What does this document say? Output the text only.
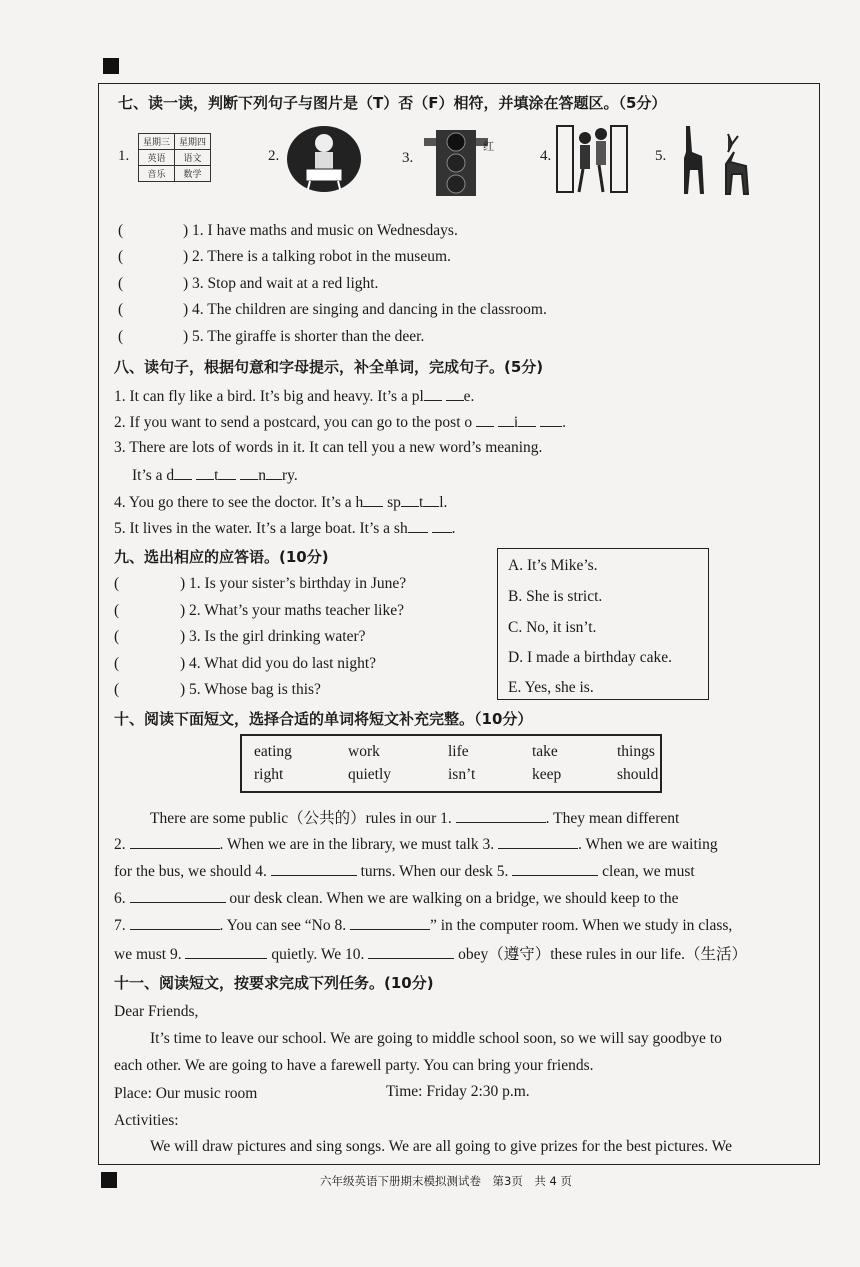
七、读一读，判断下列句子与图片是（T）否（F）相符，并填涂在答题区。（5分）
1.
星期三	星期四
英语	语文
音乐	数学
2.	3.
红
4.	5.
(	) 1. I have maths and music on Wednesdays.
(	) 2. There is a talking robot in the museum.
(	) 3. Stop and wait at a red light.
(	) 4. The children are singing and dancing in the classroom.
(	) 5. The giraffe is shorter than the deer.
八、读句子，根据句意和字母提示，补全单词，完成句子。(5分)
1. It can fly like a bird. It’s big and heavy. It’s a pl	e.
2. If you want to send a postcard, you can go to the post o	i	.
3. There are lots of words in it. It can tell you a new word’s meaning.
It’s a d	t	n ry.
4. You go there to see the doctor. It’s a h sp t l.
5. It lives in the water. It’s a large boat. It’s a sh	.
九、选出相应的应答语。(10分)
(	) 1. Is your sister’s birthday in June?
(	) 2. What’s your maths teacher like?
(	) 3. Is the girl drinking water?
(	) 4. What did you do last night?
(	) 5. Whose bag is this?
A. It’s Mike’s.
B. She is strict.
C. No, it isn’t.
D. I made a birthday cake.
E. Yes, she is.
十、阅读下面短文，选择合适的单词将短文补充完整。（10分）
eating	work	life	take	things
right	quietly	isn’t	keep	should
There are some public（公共的）rules in our 1.	. They mean different
2.	. When we are in the library, we must talk 3.	. When we are waiting
for the bus, we should 4.	turns. When our desk 5.	clean, we must
6.	our desk clean. When we are walking on a bridge, we should keep to the
7.	. You can see “No 8.	” in the computer room. When we study in class,
we must 9.	quietly. We 10.	obey（遵守）these rules in our life.（生活）
十一、阅读短文，按要求完成下列任务。(10分)
Dear Friends,
It’s time to leave our school. We are going to middle school soon, so we will say goodbye to
each other. We are going to have a farewell party. You can bring your friends.
Place: Our music room	Time: Friday 2:30 p.m.
Activities:
We will draw pictures and sing songs. We are all going to give prizes for the best pictures. We
六年级英语下册期末模拟测试卷　第3页　共 4 页
